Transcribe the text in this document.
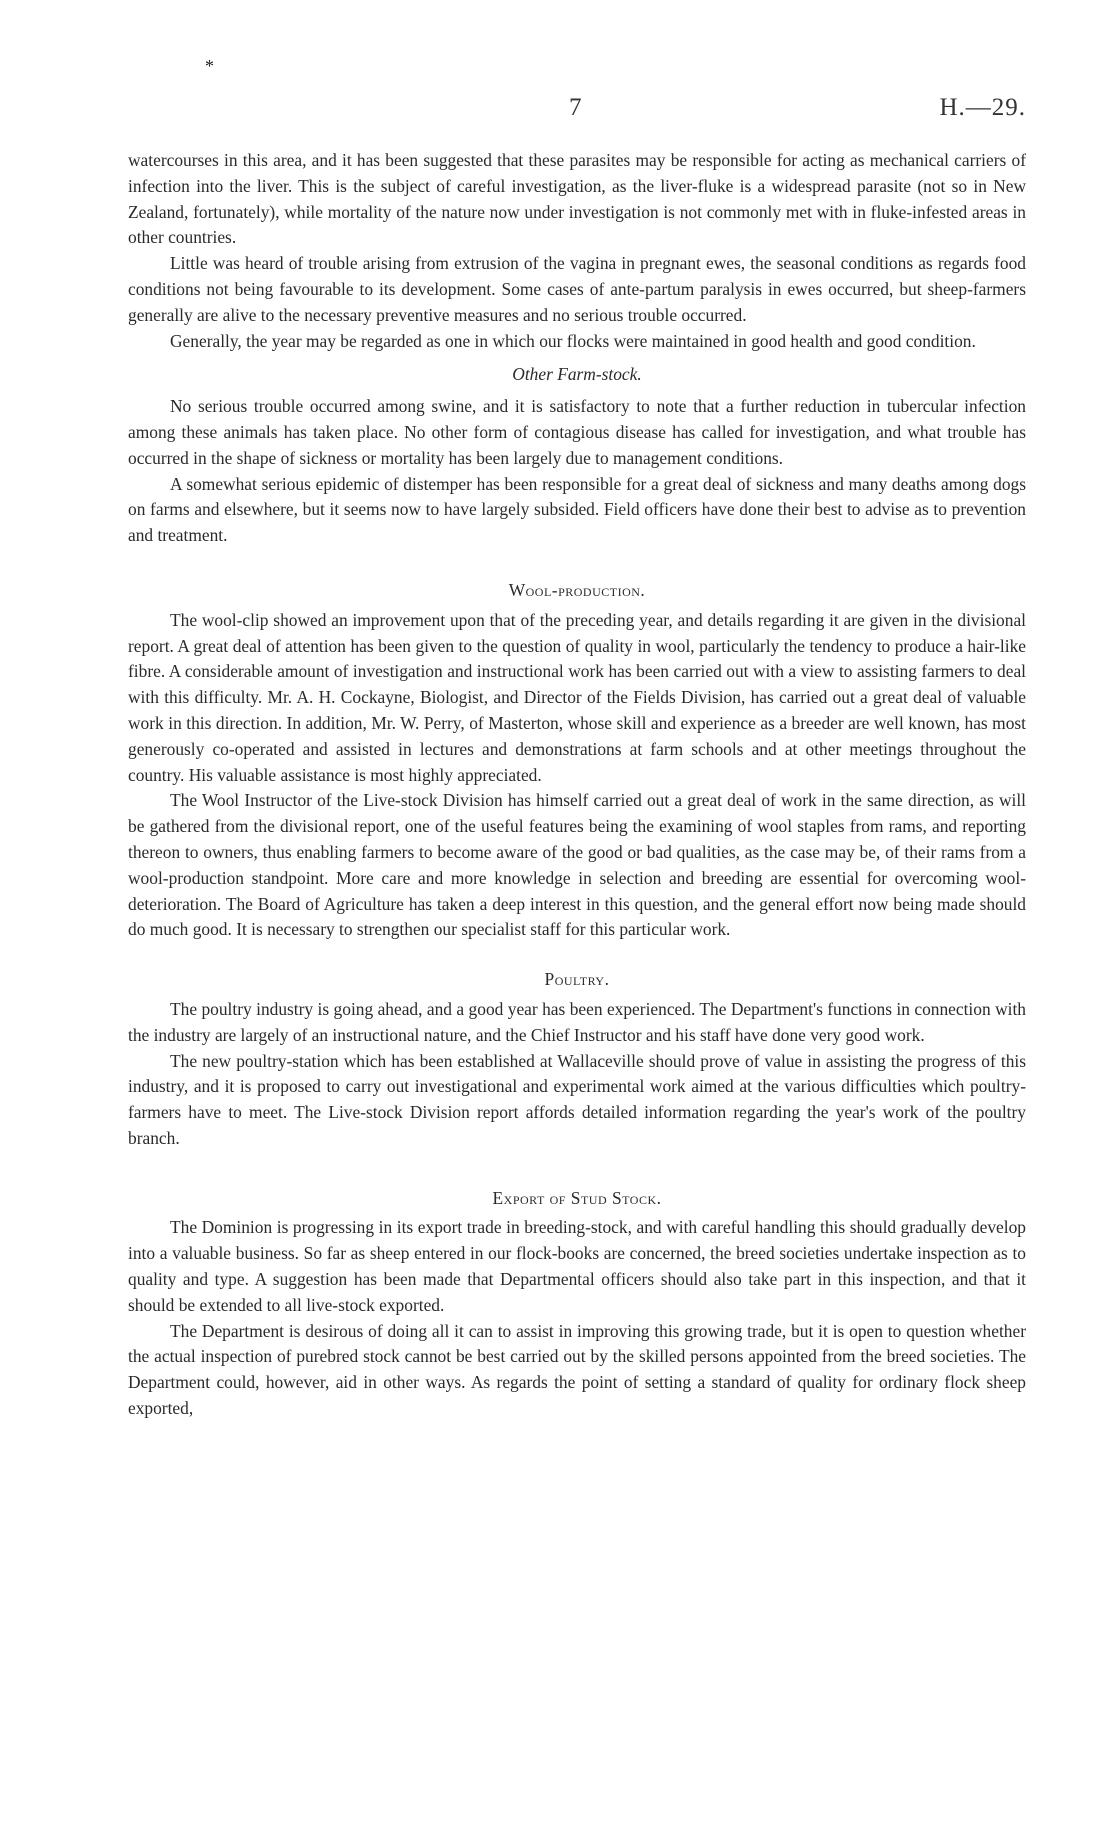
*
7	H.—29.

watercourses in this area, and it has been suggested that these parasites may be responsible for acting as mechanical carriers of infection into the liver. This is the subject of careful investigation, as the liver-fluke is a widespread parasite (not so in New Zealand, fortunately), while mortality of the nature now under investigation is not commonly met with in fluke-infested areas in other countries.

Little was heard of trouble arising from extrusion of the vagina in pregnant ewes, the seasonal conditions as regards food conditions not being favourable to its development. Some cases of ante-partum paralysis in ewes occurred, but sheep-farmers generally are alive to the necessary preventive measures and no serious trouble occurred.

Generally, the year may be regarded as one in which our flocks were maintained in good health and good condition.

Other Farm-stock.

No serious trouble occurred among swine, and it is satisfactory to note that a further reduction in tubercular infection among these animals has taken place. No other form of contagious disease has called for investigation, and what trouble has occurred in the shape of sickness or mortality has been largely due to management conditions.

A somewhat serious epidemic of distemper has been responsible for a great deal of sickness and many deaths among dogs on farms and elsewhere, but it seems now to have largely subsided. Field officers have done their best to advise as to prevention and treatment.

Wool-production.

The wool-clip showed an improvement upon that of the preceding year, and details regarding it are given in the divisional report. A great deal of attention has been given to the question of quality in wool, particularly the tendency to produce a hair-like fibre. A considerable amount of investigation and instructional work has been carried out with a view to assisting farmers to deal with this difficulty. Mr. A. H. Cockayne, Biologist, and Director of the Fields Division, has carried out a great deal of valuable work in this direction. In addition, Mr. W. Perry, of Masterton, whose skill and experience as a breeder are well known, has most generously co-operated and assisted in lectures and demonstrations at farm schools and at other meetings throughout the country. His valuable assistance is most highly appreciated.

The Wool Instructor of the Live-stock Division has himself carried out a great deal of work in the same direction, as will be gathered from the divisional report, one of the useful features being the examining of wool staples from rams, and reporting thereon to owners, thus enabling farmers to become aware of the good or bad qualities, as the case may be, of their rams from a wool-production standpoint. More care and more knowledge in selection and breeding are essential for overcoming wool-deterioration. The Board of Agriculture has taken a deep interest in this question, and the general effort now being made should do much good. It is necessary to strengthen our specialist staff for this particular work.

Poultry.

The poultry industry is going ahead, and a good year has been experienced. The Department's functions in connection with the industry are largely of an instructional nature, and the Chief Instructor and his staff have done very good work.

The new poultry-station which has been established at Wallaceville should prove of value in assisting the progress of this industry, and it is proposed to carry out investigational and experimental work aimed at the various difficulties which poultry-farmers have to meet. The Live-stock Division report affords detailed information regarding the year's work of the poultry branch.

Export of Stud Stock.

The Dominion is progressing in its export trade in breeding-stock, and with careful handling this should gradually develop into a valuable business. So far as sheep entered in our flock-books are concerned, the breed societies undertake inspection as to quality and type. A suggestion has been made that Departmental officers should also take part in this inspection, and that it should be extended to all live-stock exported.

The Department is desirous of doing all it can to assist in improving this growing trade, but it is open to question whether the actual inspection of purebred stock cannot be best carried out by the skilled persons appointed from the breed societies. The Department could, however, aid in other ways. As regards the point of setting a standard of quality for ordinary flock sheep exported,
